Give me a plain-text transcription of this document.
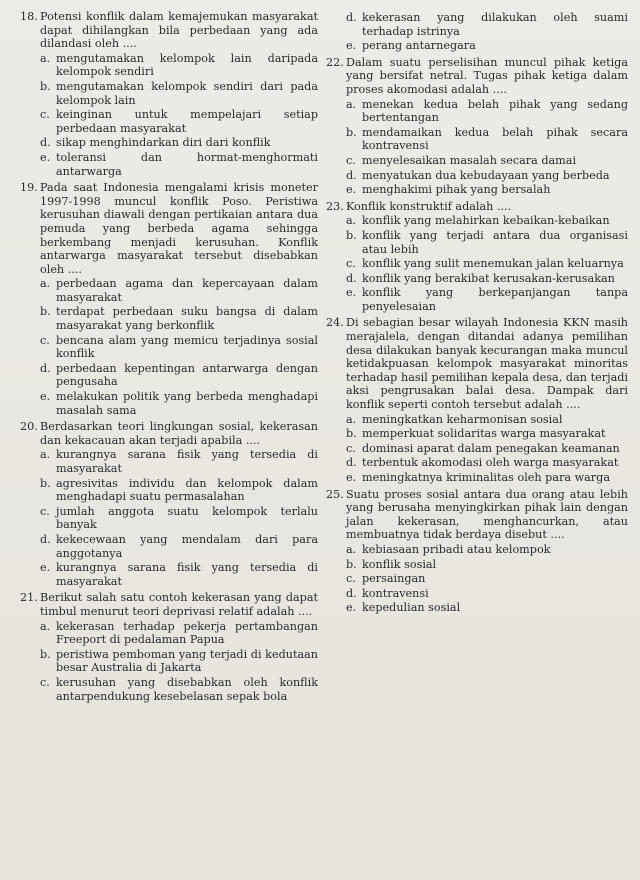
18. Potensi konflik dalam kemajemukan masyarakat dapat dihilangkan bila perbedaan yang ada dilandasi oleh ....
a. mengutamakan kelompok lain daripada kelompok sendiri
b. mengutamakan kelompok sendiri dari pada kelompok lain
c. keinginan untuk mempelajari setiap perbedaan masyarakat
d. sikap menghindarkan diri dari konflik
e. toleransi dan hormat-menghormati antarwarga
19. Pada saat Indonesia mengalami krisis moneter 1997-1998 muncul konflik Poso. Peristiwa kerusuhan diawali dengan pertikaian antara dua pemuda yang berbeda agama sehingga berkembang menjadi kerusuhan. Konflik antarwarga masyarakat tersebut disebabkan oleh ....
a. perbedaan agama dan kepercayaan dalam masyarakat
b. terdapat perbedaan suku bangsa di dalam masyarakat yang berkonflik
c. bencana alam yang memicu terjadinya sosial konflik
d. perbedaan kepentingan antarwarga dengan pengusaha
e. melakukan politik yang berbeda menghadapi masalah sama
20. Berdasarkan teori lingkungan sosial, kekerasan dan kekacauan akan terjadi apabila ....
a. kurangnya sarana fisik yang tersedia di masyarakat
b. agresivitas individu dan kelompok dalam menghadapi suatu permasalahan
c. jumlah anggota suatu kelompok terlalu banyak
d. kekecewaan yang mendalam dari para anggotanya
e. kurangnya sarana fisik yang tersedia di masyarakat
21. Berikut salah satu contoh kekerasan yang dapat timbul menurut teori deprivasi relatif adalah ....
a. kekerasan terhadap pekerja pertambangan Freeport di pedalaman Papua
b. peristiwa pemboman yang terjadi di kedutaan besar Australia di Jakarta
c. kerusuhan yang disebabkan oleh konflik antarpendukung kesebelasan sepak bola
d. kekerasan yang dilakukan oleh suami terhadap istrinya
e. perang antarnegara
22. Dalam suatu perselisihan muncul pihak ketiga yang bersifat netral. Tugas pihak ketiga dalam proses akomodasi adalah ....
a. menekan kedua belah pihak yang sedang bertentangan
b. mendamaikan kedua belah pihak secara kontravensi
c. menyelesaikan masalah secara damai
d. menyatukan dua kebudayaan yang berbeda
e. menghakimi pihak yang bersalah
23. Konflik konstruktif adalah ....
a. konflik yang melahirkan kebaikan-kebaikan
b. konflik yang terjadi antara dua organisasi atau lebih
c. konflik yang sulit menemukan jalan keluarnya
d. konflik yang berakibat kerusakan-kerusakan
e. konflik yang berkepanjangan tanpa penyelesaian
24. Di sebagian besar wilayah Indonesia KKN masih merajalela, dengan ditandai adanya pemilihan desa dilakukan banyak kecurangan maka muncul ketidakpuasan kelompok masyarakat minoritas terhadap hasil pemilihan kepala desa, dan terjadi aksi pengrusakan balai desa. Dampak dari konflik seperti contoh tersebut adalah ....
a. meningkatkan keharmonisan sosial
b. memperkuat solidaritas warga masyarakat
c. dominasi aparat dalam penegakan keamanan
d. terbentuk akomodasi oleh warga masyarakat
e. meningkatnya kriminalitas oleh para warga
25. Suatu proses sosial antara dua orang atau lebih yang berusaha menyingkirkan pihak lain dengan jalan kekerasan, menghancurkan, atau membuatnya tidak berdaya disebut ....
a. kebiasaan pribadi atau kelompok
b. konflik sosial
c. persaingan
d. kontravensi
e. kepedulian sosial
